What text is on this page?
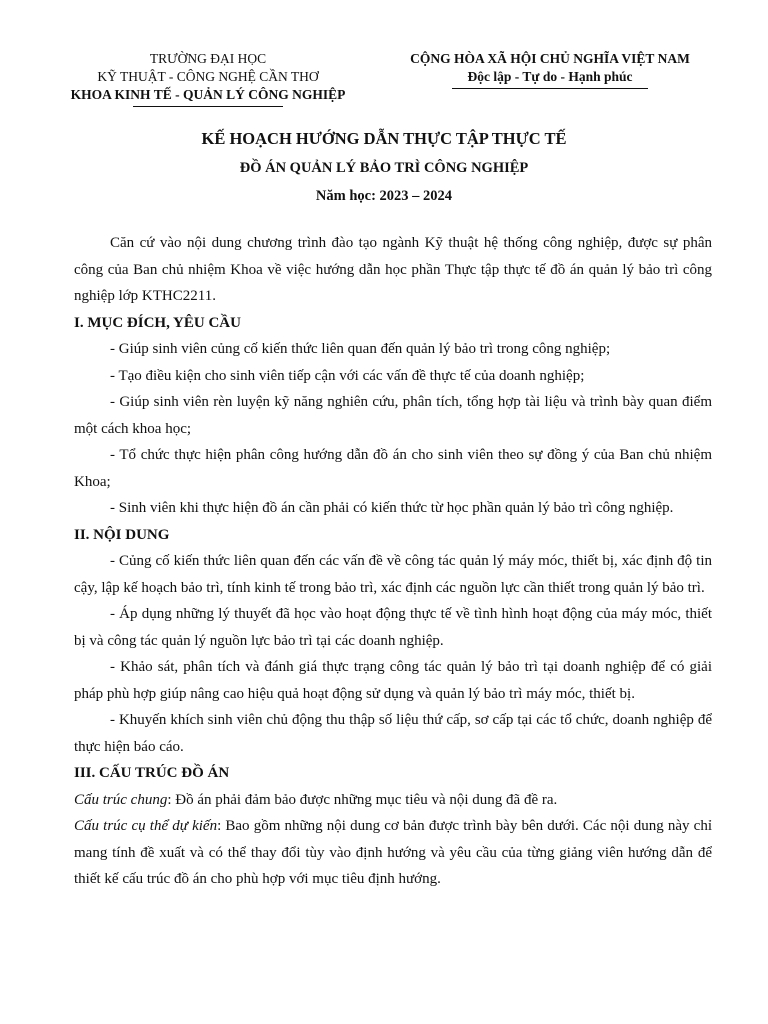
TRƯỜNG ĐẠI HỌC
KỸ THUẬT - CÔNG NGHỆ CẦN THƠ
KHOA KINH TẾ - QUẢN LÝ CÔNG NGHIỆP
CỘNG HÒA XÃ HỘI CHỦ NGHĨA VIỆT NAM
Độc lập - Tự do - Hạnh phúc
KẾ HOẠCH HƯỚNG DẪN THỰC TẬP THỰC TẾ
ĐỒ ÁN QUẢN LÝ BẢO TRÌ CÔNG NGHIỆP
Năm học: 2023 – 2024

Căn cứ vào nội dung chương trình đào tạo ngành Kỹ thuật hệ thống công nghiệp, được sự phân công của Ban chủ nhiệm Khoa về việc hướng dẫn học phần Thực tập thực tế đồ án quản lý bảo trì công nghiệp lớp KTHC2211.

I. MỤC ĐÍCH, YÊU CẦU

- Giúp sinh viên củng cố kiến thức liên quan đến quản lý bảo trì trong công nghiệp;

- Tạo điều kiện cho sinh viên tiếp cận với các vấn đề thực tế của doanh nghiệp;

- Giúp sinh viên rèn luyện kỹ năng nghiên cứu, phân tích, tổng hợp tài liệu và trình bày quan điểm một cách khoa học;

- Tổ chức thực hiện phân công hướng dẫn đồ án cho sinh viên theo sự đồng ý của Ban chủ nhiệm Khoa;

- Sinh viên khi thực hiện đồ án cần phải có kiến thức từ học phần quản lý bảo trì công nghiệp.

II. NỘI DUNG

- Củng cố kiến thức liên quan đến các vấn đề về công tác quản lý máy móc, thiết bị, xác định độ tin cậy, lập kế hoạch bảo trì, tính kinh tế trong bảo trì, xác định các nguồn lực cần thiết trong quản lý bảo trì.

- Áp dụng những lý thuyết đã học vào hoạt động thực tế về tình hình hoạt động của máy móc, thiết bị và công tác quản lý nguồn lực bảo trì tại các doanh nghiệp.

- Khảo sát, phân tích và đánh giá thực trạng công tác quản lý bảo trì tại doanh nghiệp để có giải pháp phù hợp giúp nâng cao hiệu quả hoạt động sử dụng và quản lý bảo trì máy móc, thiết bị.

- Khuyến khích sinh viên chủ động thu thập số liệu thứ cấp, sơ cấp tại các tổ chức, doanh nghiệp để thực hiện báo cáo.

III. CẤU TRÚC ĐỒ ÁN

Cấu trúc chung: Đồ án phải đảm bảo được những mục tiêu và nội dung đã đề ra.

Cấu trúc cụ thể dự kiến: Bao gồm những nội dung cơ bản được trình bày bên dưới. Các nội dung này chỉ mang tính đề xuất và có thể thay đổi tùy vào định hướng và yêu cầu của từng giảng viên hướng dẫn để thiết kế cấu trúc đồ án cho phù hợp với mục tiêu định hướng.
